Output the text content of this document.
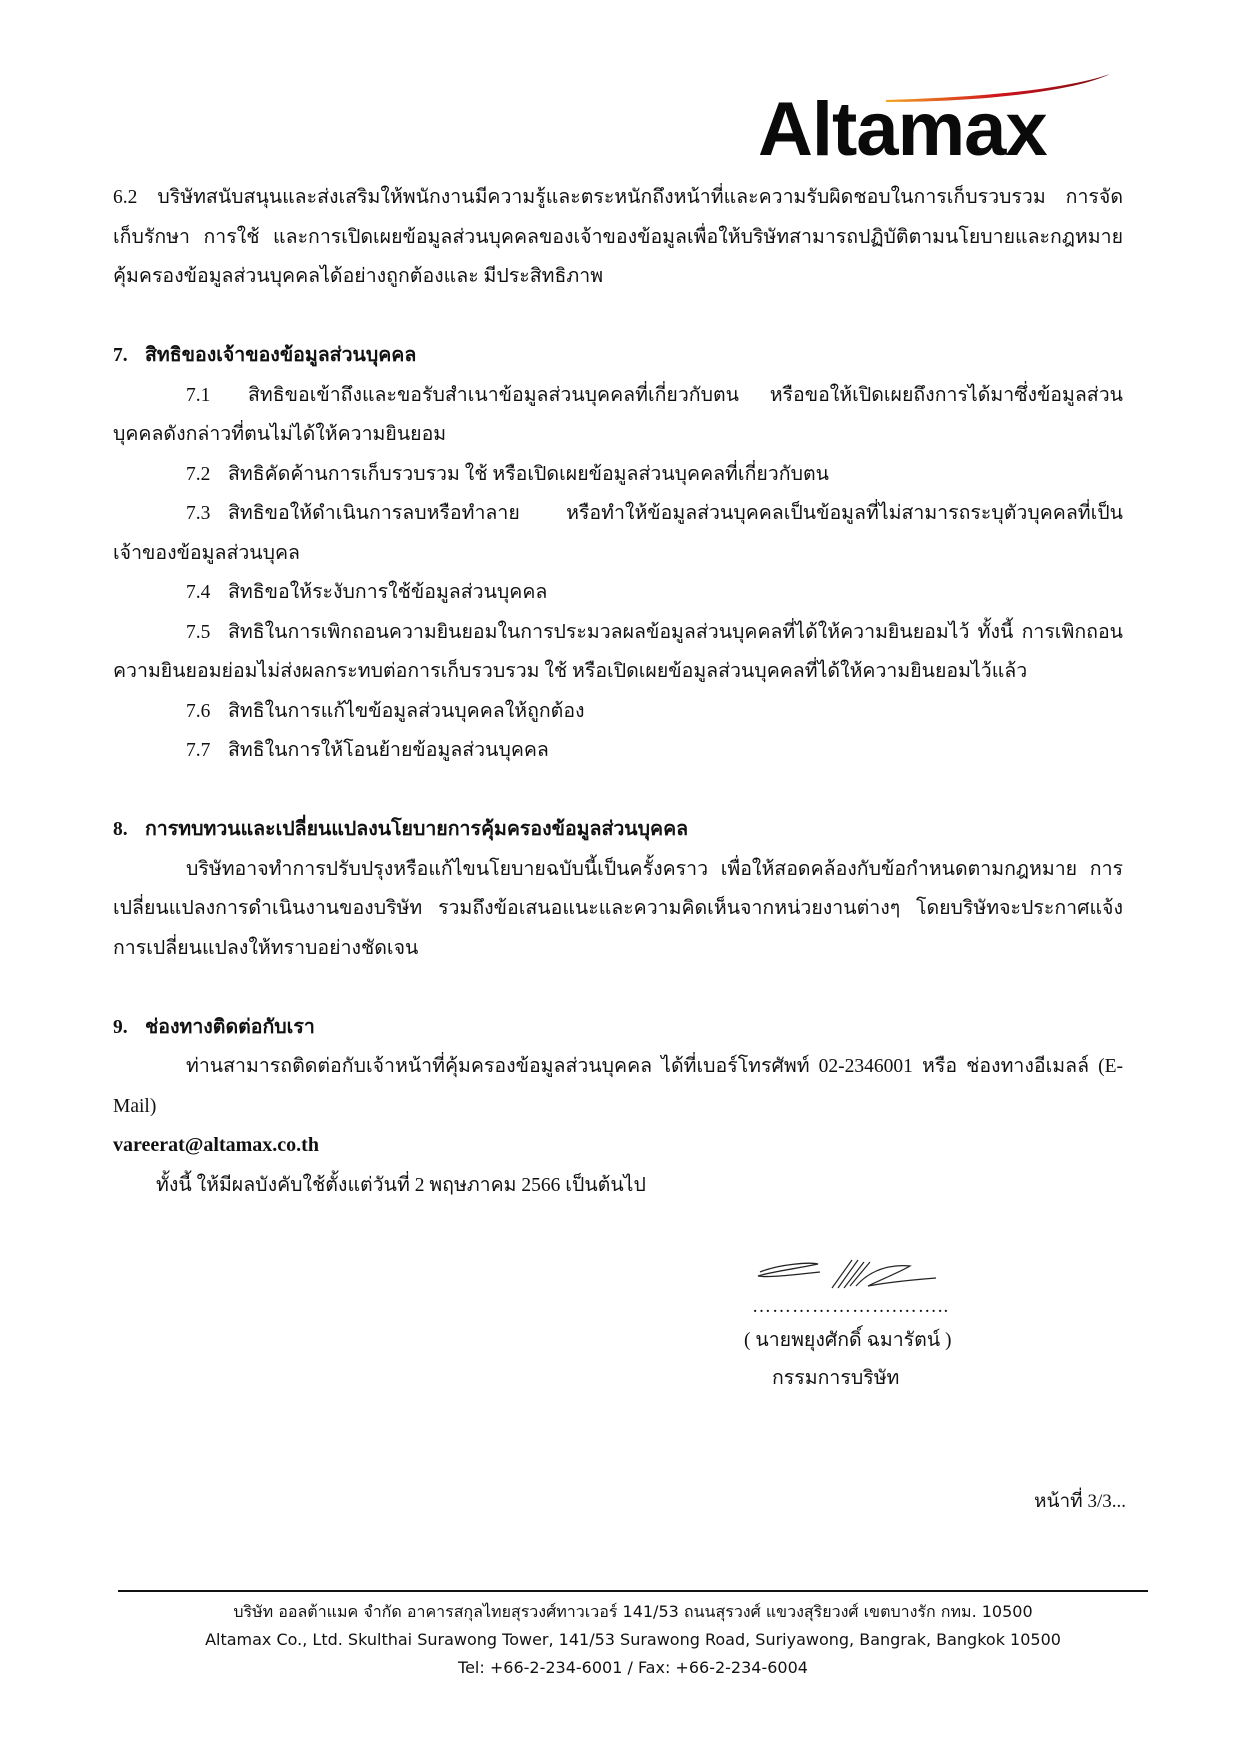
Altamax

6.2 บริษัทสนับสนุนและส่งเสริมให้พนักงานมีความรู้และตระหนักถึงหน้าที่และความรับผิดชอบในการเก็บรวบรวม การจัดเก็บรักษา การใช้ และการเปิดเผยข้อมูลส่วนบุคคลของเจ้าของข้อมูลเพื่อให้บริษัทสามารถปฏิบัติตามนโยบายและกฎหมายคุ้มครองข้อมูลส่วนบุคคลได้อย่างถูกต้องและ มีประสิทธิภาพ

7. สิทธิของเจ้าของข้อมูลส่วนบุคคล

7.1 สิทธิขอเข้าถึงและขอรับสำเนาข้อมูลส่วนบุคคลที่เกี่ยวกับตน หรือขอให้เปิดเผยถึงการได้มาซึ่งข้อมูลส่วนบุคคลดังกล่าวที่ตนไม่ได้ให้ความยินยอม

7.2 สิทธิคัดค้านการเก็บรวบรวม ใช้ หรือเปิดเผยข้อมูลส่วนบุคคลที่เกี่ยวกับตน

7.3 สิทธิขอให้ดำเนินการลบหรือทำลาย หรือทำให้ข้อมูลส่วนบุคคลเป็นข้อมูลที่ไม่สามารถระบุตัวบุคคลที่เป็นเจ้าของข้อมูลส่วนบุคล

7.4 สิทธิขอให้ระงับการใช้ข้อมูลส่วนบุคคล

7.5 สิทธิในการเพิกถอนความยินยอมในการประมวลผลข้อมูลส่วนบุคคลที่ได้ให้ความยินยอมไว้ ทั้งนี้ การเพิกถอนความยินยอมย่อมไม่ส่งผลกระทบต่อการเก็บรวบรวม ใช้ หรือเปิดเผยข้อมูลส่วนบุคคลที่ได้ให้ความยินยอมไว้แล้ว

7.6 สิทธิในการแก้ไขข้อมูลส่วนบุคคลให้ถูกต้อง

7.7 สิทธิในการให้โอนย้ายข้อมูลส่วนบุคคล

8. การทบทวนและเปลี่ยนแปลงนโยบายการคุ้มครองข้อมูลส่วนบุคคล

บริษัทอาจทำการปรับปรุงหรือแก้ไขนโยบายฉบับนี้เป็นครั้งคราว เพื่อให้สอดคล้องกับข้อกำหนดตามกฎหมาย การเปลี่ยนแปลงการดำเนินงานของบริษัท รวมถึงข้อเสนอแนะและความคิดเห็นจากหน่วยงานต่างๆ โดยบริษัทจะประกาศแจ้งการเปลี่ยนแปลงให้ทราบอย่างชัดเจน

9. ช่องทางติดต่อกับเรา

ท่านสามารถติดต่อกับเจ้าหน้าที่คุ้มครองข้อมูลส่วนบุคคล ได้ที่เบอร์โทรศัพท์ 02-2346001 หรือ ช่องทางอีเมลล์ (E-Mail)

vareerat@altamax.co.th

ทั้งนี้ ให้มีผลบังคับใช้ตั้งแต่วันที่ 2 พฤษภาคม 2566 เป็นต้นไป

………………….……..
( นายพยุงศักดิ์ ฉมารัตน์ )
กรรมการบริษัท
หน้าที่ 3/3...
บริษัท ออลต้าแมค จำกัด อาคารสกุลไทยสุรวงศ์ทาวเวอร์ 141/53 ถนนสุรวงศ์ แขวงสุริยวงศ์ เขตบางรัก กทม. 10500
Altamax Co., Ltd. Skulthai Surawong Tower, 141/53 Surawong Road, Suriyawong, Bangrak, Bangkok 10500
Tel: +66-2-234-6001 / Fax: +66-2-234-6004
